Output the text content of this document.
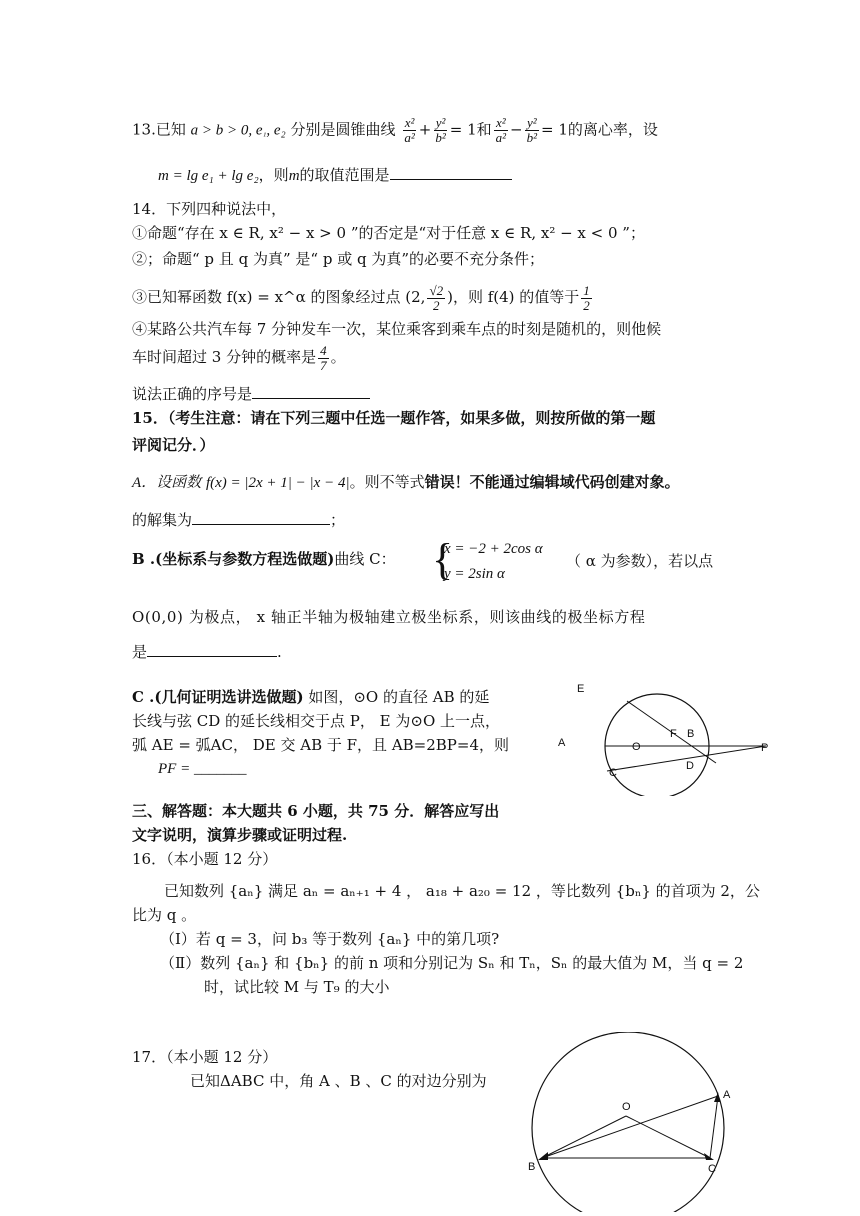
13.已知 a > b > 0, e₁, e₂ 分别是圆锥曲线 $\frac{\text{x²}}{\text{a²}} + \frac{\text{y²}}{\text{b²}} = 1$和 $\frac{\text{x²}}{\text{a²}} - \frac{\text{y²}}{\text{b²}} = 1$的离心率，设
m = lg e₁ + lg e₂，则m的取值范围是
14．下列四种说法中，
①命题“存在 x ∈ R, x² − x > 0 ”的否定是“对于任意 x ∈ R, x² − x < 0 ”；
②；命题“ p 且 q 为真” 是“ p 或 q 为真”的必要不充分条件；
③已知幂函数 f(x) = x^α 的图象经过点 (2, $\frac{√2}{2}$ )，则 f(4) 的值等于 $\frac{1}{2}$
④某路公共汽车每 7 分钟发车一次，某位乘客到乘车点的时刻是随机的，则他候
车时间超过 3 分钟的概率是 $\frac{4}{7}$ 。
说法正确的序号是
15．（考生注意：请在下列三题中任选一题作答，如果多做，则按所做的第一题
评阅记分．）
A．设函数 f(x) = |2x + 1| − |x − 4|。则不等式错误！不能通过编辑域代码创建对象。
的解集为	；
B .(坐标系与参数方程选做题)曲线 C： {
x = −2 + 2cos α
y = 2sin α
（ α 为参数），若以点
O(0,0) 为极点， x 轴正半轴为极轴建立极坐标系，则该曲线的极坐标方程
是	.
C .(几何证明选讲选做题) 如图，⊙O 的直径 AB 的延
长线与弦 CD 的延长线相交于点 P， E 为⊙O 上一点，
弧 AE = 弧AC， DE 交 AB 于 F，且 AB=2BP=4，则
PF = _______
E
A	O
F B
D
P
C
三、解答题：本大题共 6 小题，共 75 分．解答应写出
文字说明，演算步骤或证明过程.
16．（本小题 12 分）
已知数列 {aₙ} 满足 aₙ = aₙ₊₁ + 4 ， a₁₈ + a₂₀ = 12 ，等比数列 {bₙ} 的首项为 2，公
比为 q 。
（Ⅰ）若 q = 3，问 b₃ 等于数列 {aₙ} 中的第几项?
（Ⅱ）数列 {aₙ} 和 {bₙ} 的前 n 项和分别记为 Sₙ 和 Tₙ，Sₙ 的最大值为 M，当 q = 2
时，试比较 M 与 T₉ 的大小
17．（本小题 12 分）
已知ΔABC 中，角 A 、B 、C 的对边分别为
O
A
B	C
